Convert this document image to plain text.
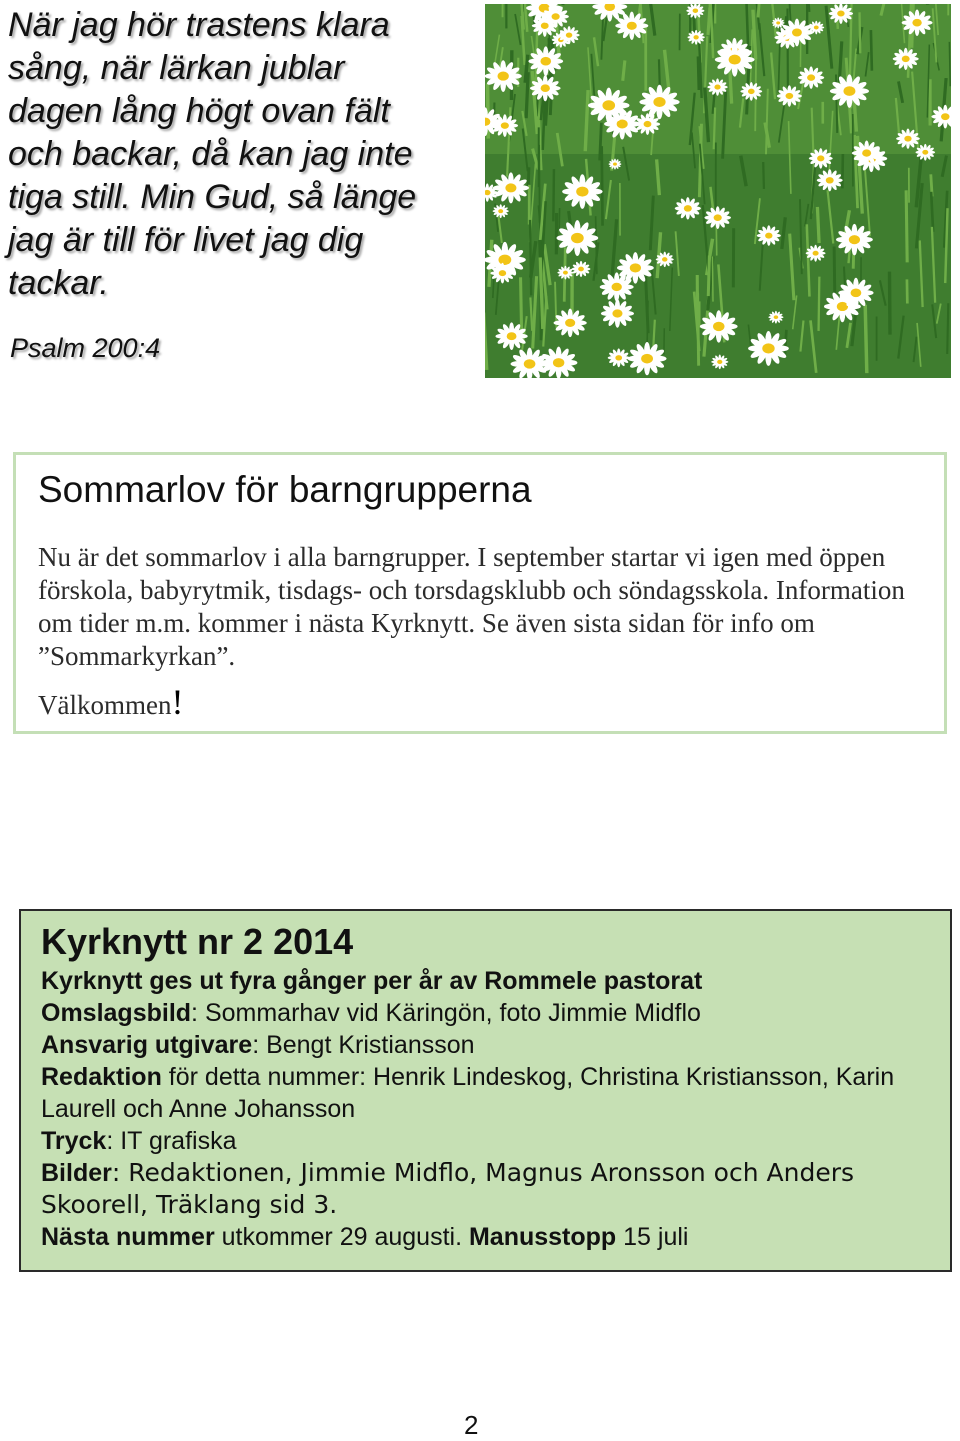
När jag hör trastens klara
sång, när lärkan jublar
dagen lång högt ovan fält
och backar, då kan jag inte
tiga still. Min Gud, så länge
jag är till för livet jag dig
tackar.
Psalm 200:4
Sommarlov för barngrupperna
Nu är det sommarlov i alla barngrupper. I september startar vi igen med öppen förskola, babyrytmik, tisdags- och torsdagsklubb och söndagsskola. Information om tider m.m. kommer i nästa Kyrknytt. Se även sista sidan för info om ”Sommarkyrkan”.
Välkommen!
Kyrknytt nr 2 2014
Kyrknytt ges ut fyra gånger per år av Rommele pastorat
Omslagsbild: Sommarhav vid Käringön, foto Jimmie Midflo
Ansvarig utgivare: Bengt Kristiansson
Redaktion för detta nummer: Henrik Lindeskog, Christina Kristiansson, Karin Laurell och Anne Johansson
Tryck: IT grafiska
Bilder: Redaktionen, Jimmie Midflo, Magnus Aronsson och Anders Skoorell, Träklang sid 3.
Nästa nummer utkommer 29 augusti. Manusstopp 15 juli
2
